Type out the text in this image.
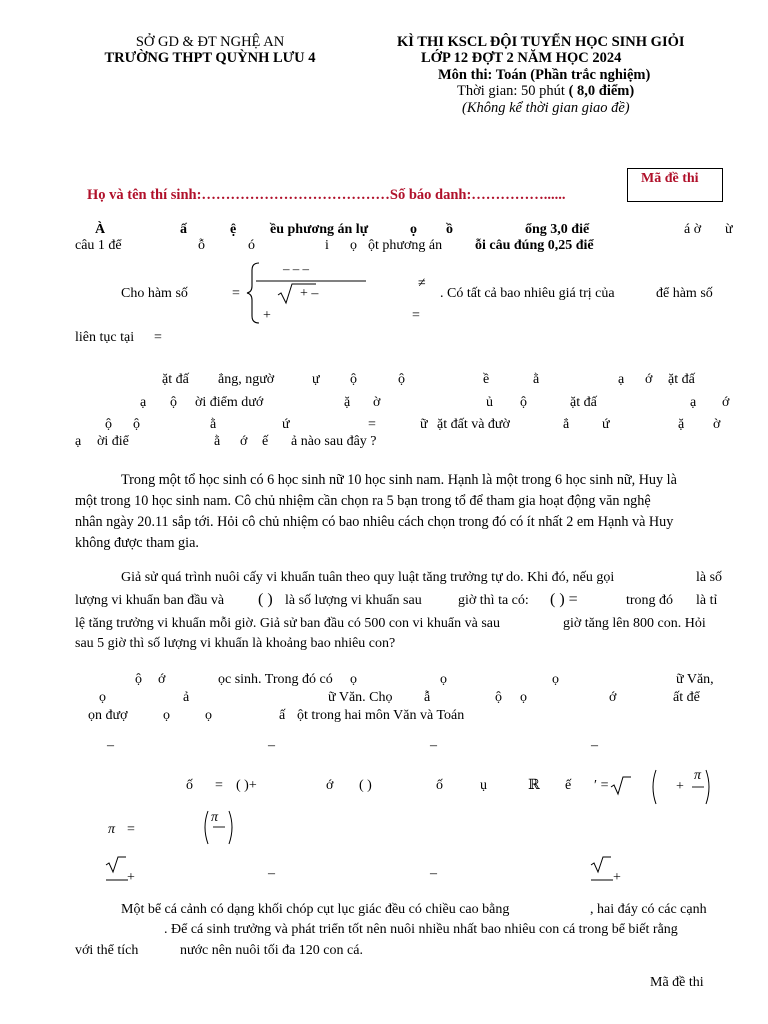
SỞ GD & ĐT NGHỆ AN
TRƯỜNG THPT QUỲNH LƯU 4
KÌ THI KSCL ĐỘI TUYỂN HỌC SINH GIỎI
LỚP 12 ĐỢT 2 NĂM HỌC 2024
Môn thi: Toán (Phần trắc nghiệm)
Thời gian: 50 phút ( 8,0 điểm)
(Không kể thời gian giao đề)
Mã đề thi
Họ và tên thí sinh:…………………………………Số báo danh:……………......
À	ấ	ệ ều phương án lự	ọ ồ	ổng 3,0 điể	á ờ ừ
câu 1 để	ỗ	ó	i ọ ột phương án ỗi câu đúng 0,25 điể
Cho hàm số	=
– – –
+ –
≠
+	=
. Có tất cả bao nhiêu giá trị của	để hàm số
liên tục tại =
ặt đấ ẳng, ngườ	ự ộ	ộ	ề	ằ	ạ ớ ặt đấ
ạ ộ ời điểm dướ	ặ ờ	ủ ộ	ặt đấ	ạ ớ
ộ ộ	ằ	ứ	=	ữ ặt đất và đườ	ẳ ứ	ặ ờ
ạ ời điể	ằ ớ ế ả nào sau đây ?
Trong một tổ học sinh có 6 học sinh nữ 10 học sinh nam. Hạnh là một trong 6 học sinh nữ, Huy là
một trong 10 học sinh nam. Cô chủ nhiệm cần chọn ra 5 bạn trong tổ để tham gia hoạt động văn nghệ
nhân ngày 20.11 sắp tới. Hỏi cô chủ nhiệm có bao nhiêu cách chọn trong đó có ít nhất 2 em Hạnh và Huy
không được tham gia.
Giả sử quá trình nuôi cấy vi khuẩn tuân theo quy luật tăng trưởng tự do. Khi đó, nếu gọi	là số
lượng vi khuẩn ban đầu và ( ) là số lượng vi khuẩn sau	giờ thì ta có: ( ) =	trong đó là tỉ
lệ tăng trưởng vi khuẩn mỗi giờ. Giả sử ban đầu có 500 con vi khuẩn và sau	giờ tăng lên 800 con. Hỏi
sau 5 giờ thì số lượng vi khuẩn là khoảng bao nhiêu con?
ộ ớ	ọc sinh. Trong đó có ọ	ọ	ọ	ữ Văn,
ọ	ả	ữ Văn. Chọ ẫ	ộ ọ	ớ	ất để
ọn đượ	ọ	ọ	ấ ột trong hai môn Văn và Toán
–	–	–	–
ố = ( )+	ớ ( )	ố	ụ	ℝ ế ′ =	+
π
π =
π
+	–	–	+
Một bể cá cảnh có dạng khối chóp cụt lục giác đều có chiều cao bằng	, hai đáy có các cạnh
. Để cá sinh trưởng và phát triển tốt nên nuôi nhiều nhất bao nhiêu con cá trong bể biết rằng
với thể tích	nước nên nuôi tối đa 120 con cá.
Mã đề thi
